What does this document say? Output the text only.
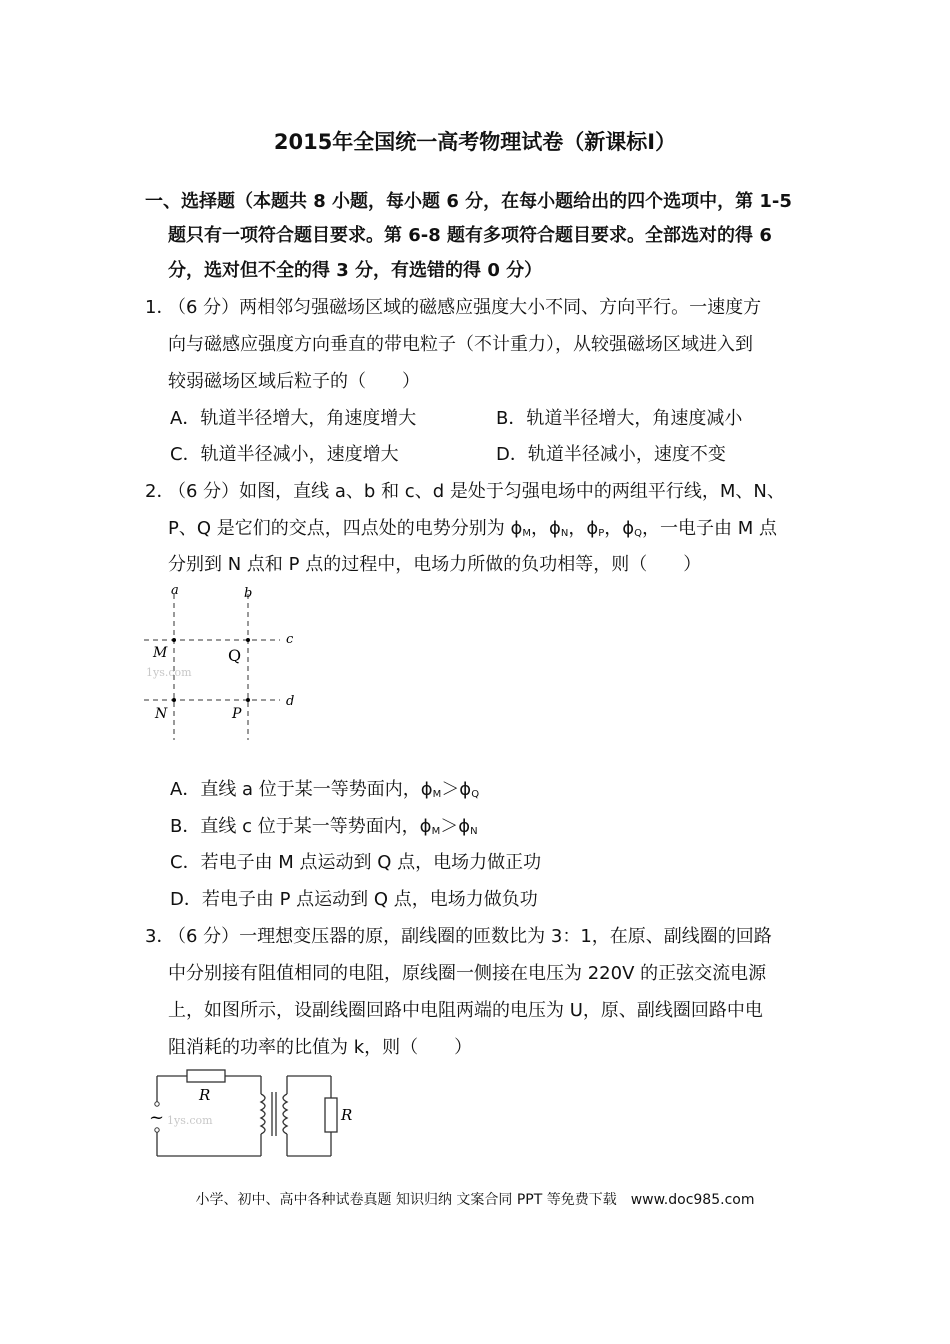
2015年全国统一高考物理试卷（新课标I）
一、选择题（本题共 8 小题，每小题 6 分，在每小题给出的四个选项中，第 1-5
题只有一项符合题目要求。第 6-8 题有多项符合题目要求。全部选对的得 6
分，选对但不全的得 3 分，有选错的得 0 分）
1．
（6 分）两相邻匀强磁场区域的磁感应强度大小不同、方向平行。一速度方
向与磁感应强度方向垂直的带电粒子（不计重力），从较强磁场区域进入到
较弱磁场区域后粒子的（　　）
A．轨道半径增大，角速度增大	B．轨道半径增大，角速度减小
C．轨道半径减小，速度增大	D．轨道半径减小，速度不变
2．
（6 分）如图，直线 a、b 和 c、d 是处于匀强电场中的两组平行线，M、N、
P、Q 是它们的交点，四点处的电势分别为 $\phi_M$，$\phi_N$，$\phi_P$，$\phi_Q$，一电子由 M 点
分别到 N 点和 P 点的过程中，电场力所做的负功相等，则（　　）
a	b
c
d
M	Q
N	P
1ys.com
A．直线 a 位于某一等势面内，$\phi_M>\phi_Q$
B．直线 c 位于某一等势面内，$\phi_M>\phi_N$
C．若电子由 M 点运动到 Q 点，电场力做正功
D．若电子由 P 点运动到 Q 点，电场力做负功
3．
（6 分）一理想变压器的原，副线圈的匝数比为 3：1，在原、副线圈的回路
中分别接有阻值相同的电阻，原线圈一侧接在电压为 220V 的正弦交流电源
上，如图所示，设副线圈回路中电阻两端的电压为 U，原、副线圈回路中电
阻消耗的功率的比值为 k，则（　　）
~
R
R
1ys.com
小学、初中、高中各种试卷真题 知识归纳 文案合同 PPT 等免费下载　www.doc985.com
